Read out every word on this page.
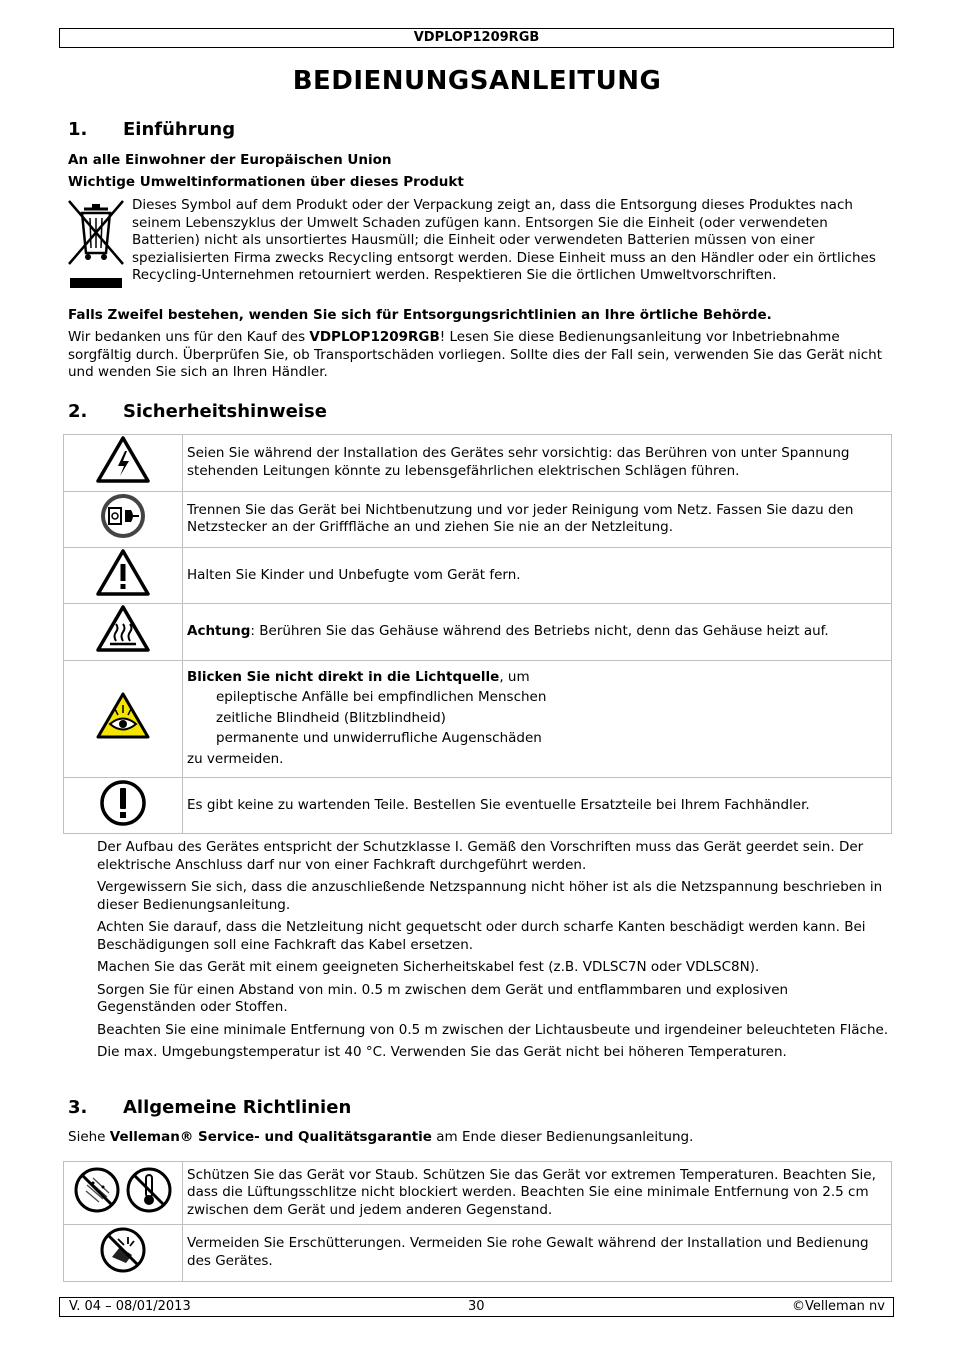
VDPLOP1209RGB
BEDIENUNGSANLEITUNG
1. Einführung
An alle Einwohner der Europäischen Union
Wichtige Umweltinformationen über dieses Produkt
Dieses Symbol auf dem Produkt oder der Verpackung zeigt an, dass die Entsorgung dieses Produktes nach seinem Lebenszyklus der Umwelt Schaden zufügen kann. Entsorgen Sie die Einheit (oder verwendeten Batterien) nicht als unsortiertes Hausmüll; die Einheit oder verwendeten Batterien müssen von einer spezialisierten Firma zwecks Recycling entsorgt werden. Diese Einheit muss an den Händler oder ein örtliches Recycling-Unternehmen retourniert werden. Respektieren Sie die örtlichen Umweltvorschriften.
Falls Zweifel bestehen, wenden Sie sich für Entsorgungsrichtlinien an Ihre örtliche Behörde.
Wir bedanken uns für den Kauf des VDPLOP1209RGB! Lesen Sie diese Bedienungsanleitung vor Inbetriebnahme sorgfältig durch. Überprüfen Sie, ob Transportschäden vorliegen. Sollte dies der Fall sein, verwenden Sie das Gerät nicht und wenden Sie sich an Ihren Händler.
2. Sicherheitshinweise
	Seien Sie während der Installation des Gerätes sehr vorsichtig: das Berühren von unter Spannung stehenden Leitungen könnte zu lebensgefährlichen elektrischen Schlägen führen.
	Trennen Sie das Gerät bei Nichtbenutzung und vor jeder Reinigung vom Netz. Fassen Sie dazu den Netzstecker an der Grifffläche an und ziehen Sie nie an der Netzleitung.
	Halten Sie Kinder und Unbefugte vom Gerät fern.
	Achtung: Berühren Sie das Gehäuse während des Betriebs nicht, denn das Gehäuse heizt auf.
	Blicken Sie nicht direkt in die Lichtquelle, um
epileptische Anfälle bei empfindlichen Menschen
zeitliche Blindheid (Blitzblindheid)
permanente und unwiderrufliche Augenschäden
zu vermeiden.
	Es gibt keine zu wartenden Teile. Bestellen Sie eventuelle Ersatzteile bei Ihrem Fachhändler.

Der Aufbau des Gerätes entspricht der Schutzklasse I. Gemäß den Vorschriften muss das Gerät geerdet sein. Der elektrische Anschluss darf nur von einer Fachkraft durchgeführt werden.

Vergewissern Sie sich, dass die anzuschließende Netzspannung nicht höher ist als die Netzspannung beschrieben in dieser Bedienungsanleitung.

Achten Sie darauf, dass die Netzleitung nicht gequetscht oder durch scharfe Kanten beschädigt werden kann. Bei Beschädigungen soll eine Fachkraft das Kabel ersetzen.

Machen Sie das Gerät mit einem geeigneten Sicherheitskabel fest (z.B. VDLSC7N oder VDLSC8N).

Sorgen Sie für einen Abstand von min. 0.5 m zwischen dem Gerät und entflammbaren und explosiven Gegenständen oder Stoffen.

Beachten Sie eine minimale Entfernung von 0.5 m zwischen der Lichtausbeute und irgendeiner beleuchteten Fläche.

Die max. Umgebungstemperatur ist 40 °C. Verwenden Sie das Gerät nicht bei höheren Temperaturen.

3. Allgemeine Richtlinien
Siehe Velleman® Service- und Qualitätsgarantie am Ende dieser Bedienungsanleitung.
	Schützen Sie das Gerät vor Staub. Schützen Sie das Gerät vor extremen Temperaturen. Beachten Sie, dass die Lüftungsschlitze nicht blockiert werden. Beachten Sie eine minimale Entfernung von 2.5 cm zwischen dem Gerät und jedem anderen Gegenstand.
	Vermeiden Sie Erschütterungen. Vermeiden Sie rohe Gewalt während der Installation und Bedienung des Gerätes.
V. 04 – 08/01/2013	30	©Velleman nv
